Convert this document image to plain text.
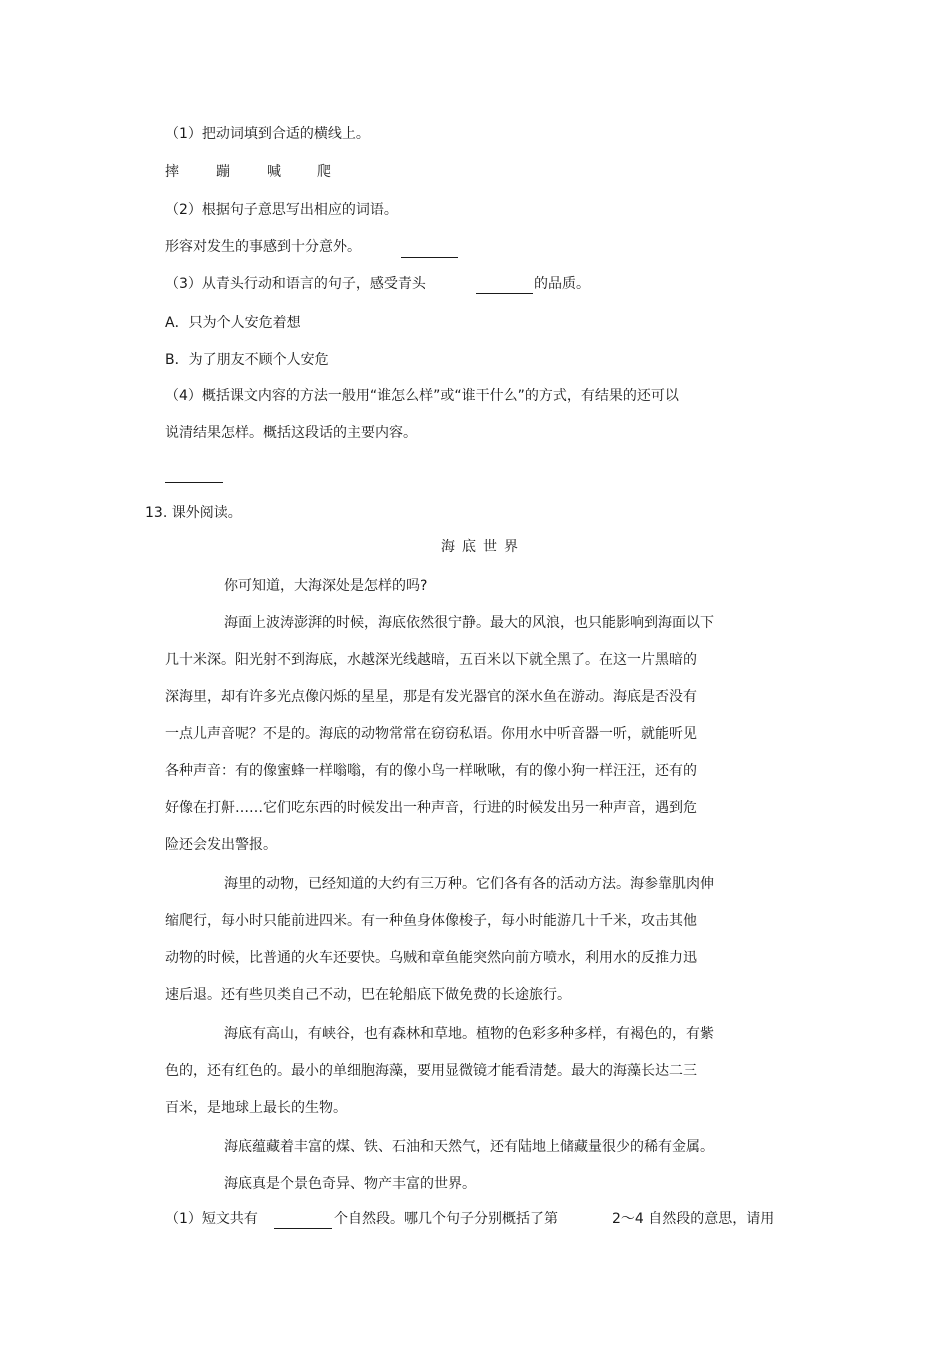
（1）把动词填到合适的横线上。
摔	蹦	喊	爬
（2）根据句子意思写出相应的词语。
形容对发生的事感到十分意外。
（3）从青头行动和语言的句子，感受青头	的品质。
A．只为个人安危着想
B．为了朋友不顾个人安危
（4）概括课文内容的方法一般用“谁怎么样”或“谁干什么”的方式，有结果的还可以
说清结果怎样。概括这段话的主要内容。
13. 课外阅读。
海底世界
你可知道，大海深处是怎样的吗?
海面上波涛澎湃的时候，海底依然很宁静。最大的风浪，也只能影响到海面以下
几十米深。阳光射不到海底，水越深光线越暗，五百米以下就全黑了。在这一片黑暗的
深海里，却有许多光点像闪烁的星星，那是有发光器官的深水鱼在游动。海底是否没有
一点儿声音呢？不是的。海底的动物常常在窃窃私语。你用水中听音器一听，就能听见
各种声音：有的像蜜蜂一样嗡嗡，有的像小鸟一样啾啾，有的像小狗一样汪汪，还有的
好像在打鼾……它们吃东西的时候发出一种声音，行进的时候发出另一种声音，遇到危
险还会发出警报。
海里的动物，已经知道的大约有三万种。它们各有各的活动方法。海参靠肌肉伸
缩爬行，每小时只能前进四米。有一种鱼身体像梭子，每小时能游几十千米，攻击其他
动物的时候，比普通的火车还要快。乌贼和章鱼能突然向前方喷水，利用水的反推力迅
速后退。还有些贝类自己不动，巴在轮船底下做免费的长途旅行。
海底有高山，有峡谷，也有森林和草地。植物的色彩多种多样，有褐色的，有紫
色的，还有红色的。最小的单细胞海藻，要用显微镜才能看清楚。最大的海藻长达二三
百米，是地球上最长的生物。
海底蕴藏着丰富的煤、铁、石油和天然气，还有陆地上储藏量很少的稀有金属。
海底真是个景色奇异、物产丰富的世界。
（1）短文共有	个自然段。哪几个句子分别概括了第	2～4 自然段的意思，请用
